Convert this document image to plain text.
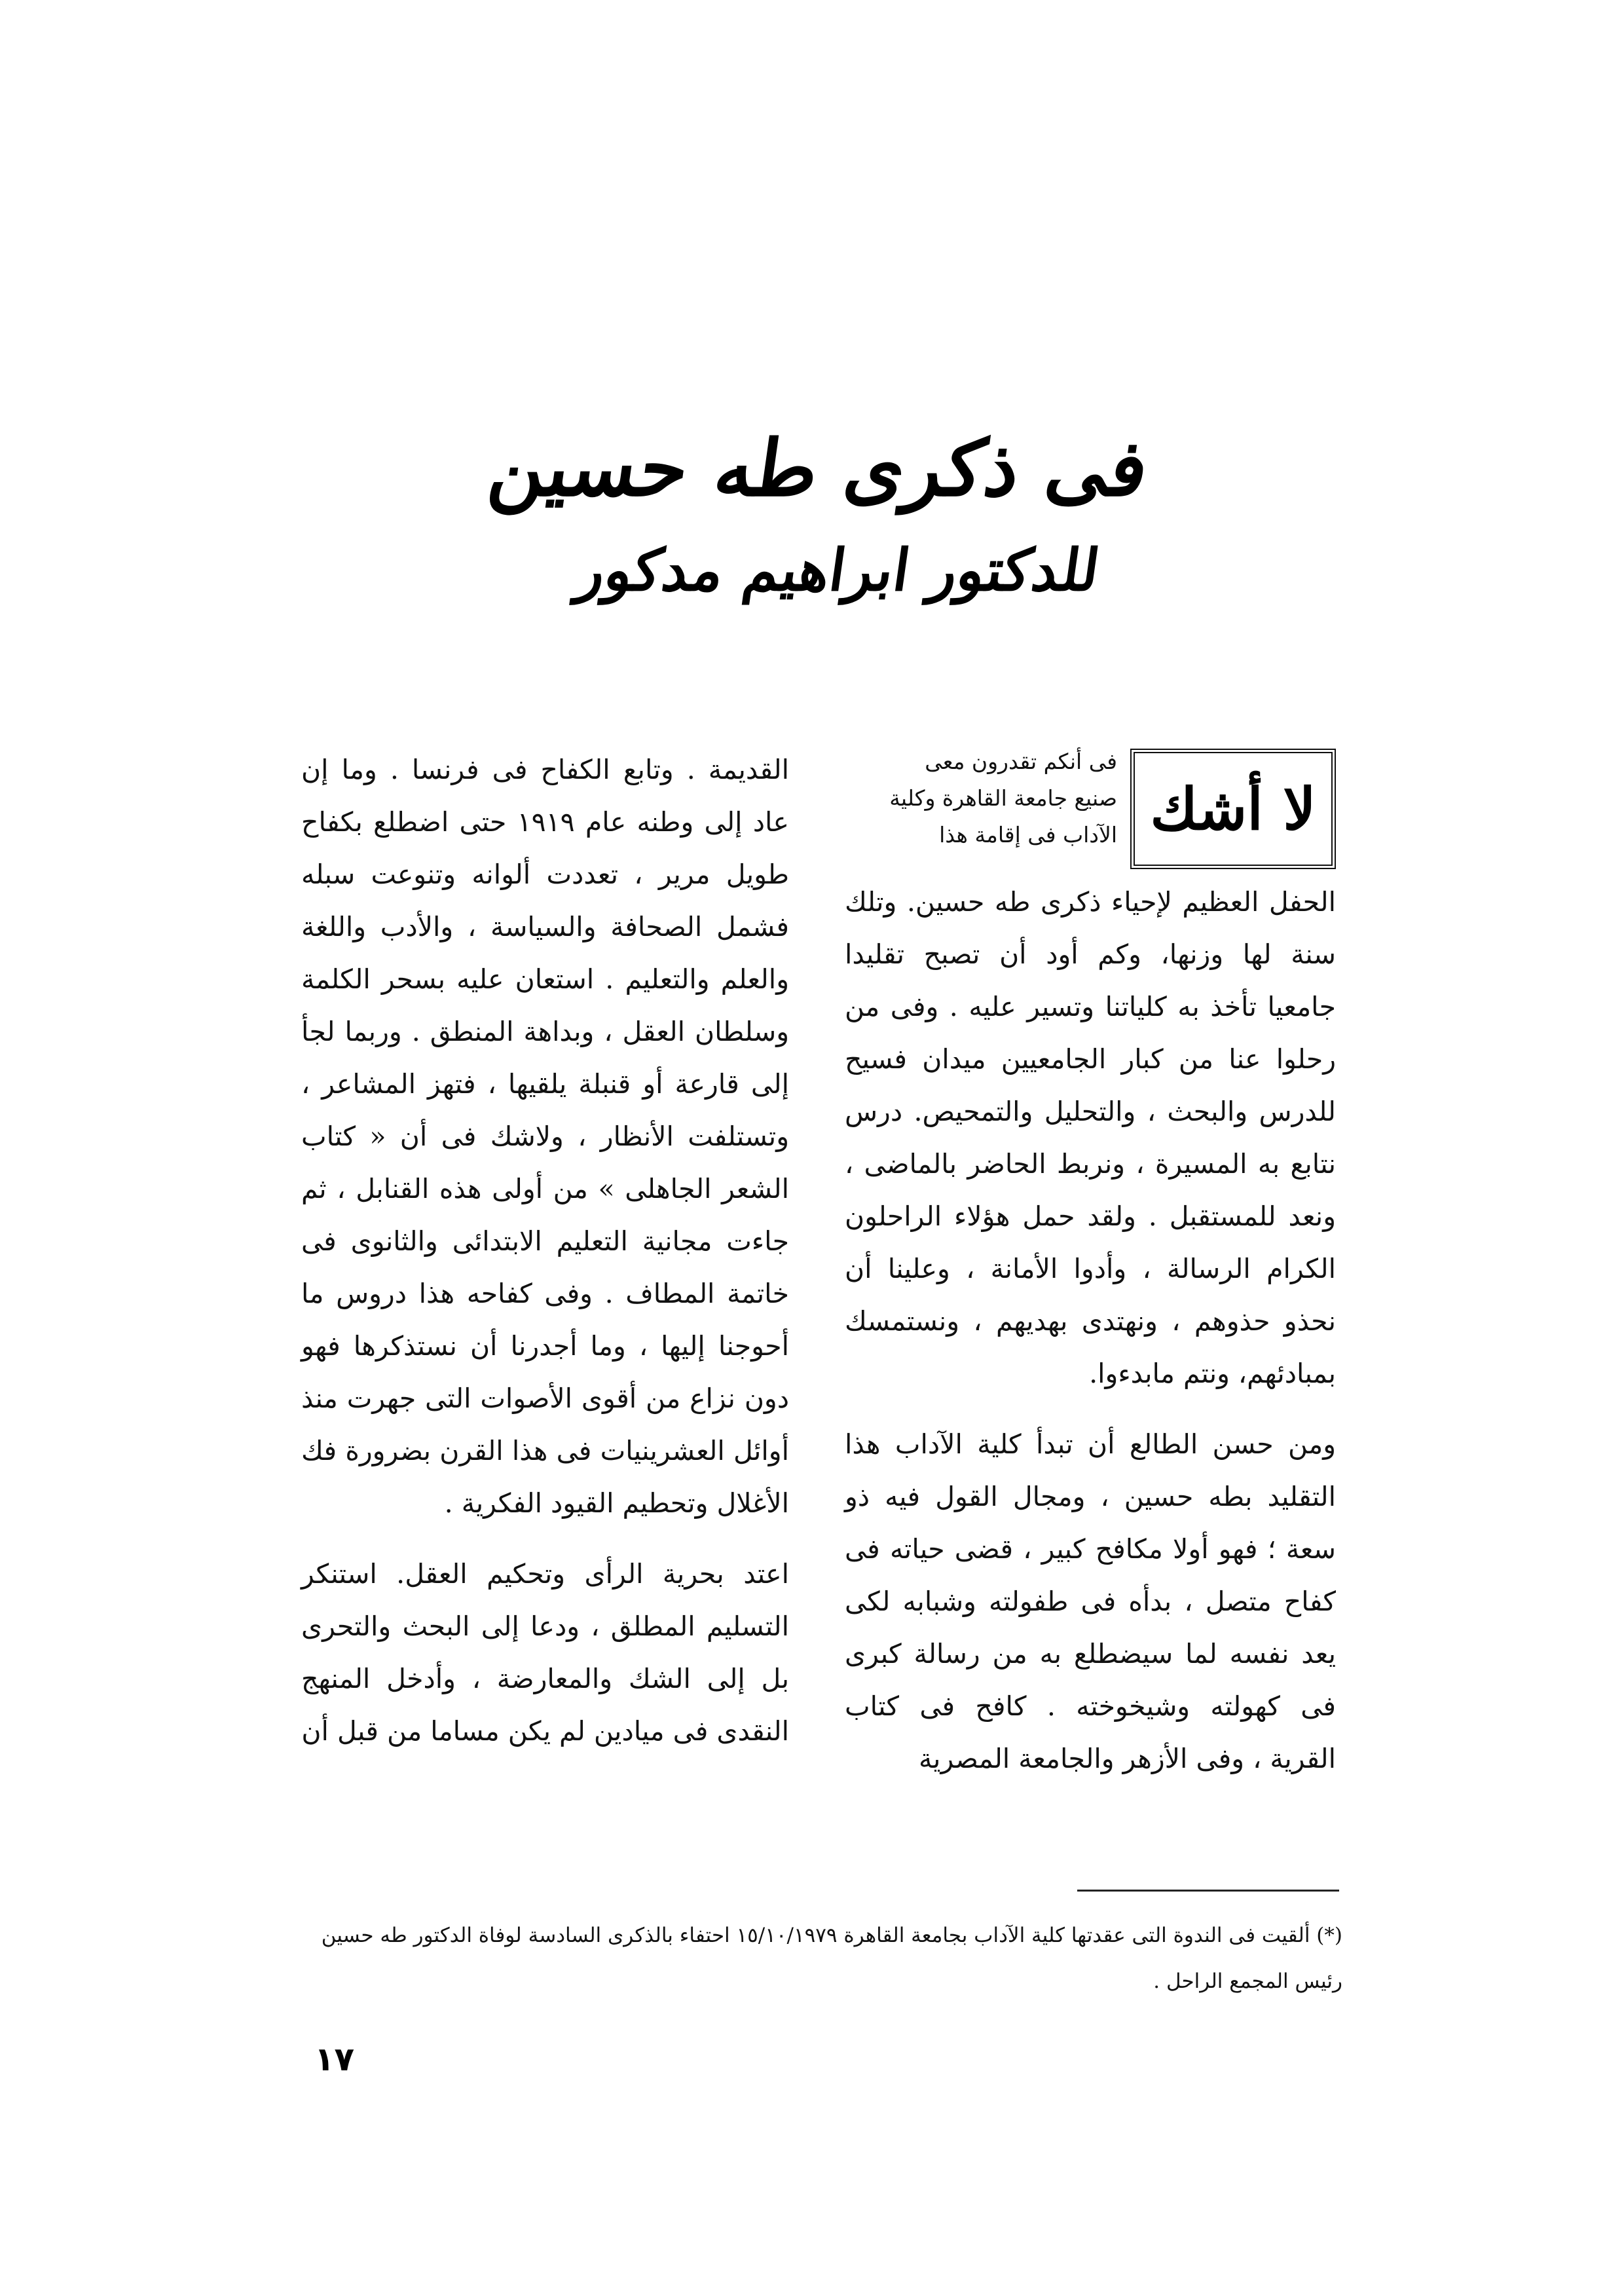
فى ذكرى طه حسين
للدكتور ابراهيم مدكور
لا أشك
فى أنكم تقدرون معى
صنيع جامعة القاهرة وكلية
الآداب فى إقامة هذا

الحفل العظيم لإحياء ذكرى طه حسين. وتلك سنة لها وزنها، وكم أود أن تصبح تقليدا جامعيا تأخذ به كلياتنا وتسير عليه . وفى من رحلوا عنا من كبار الجامعيين ميدان فسيح للدرس والبحث ، والتحليل والتمحيص. درس نتابع به المسيرة ، ونربط الحاضر بالماضى ، ونعد للمستقبل . ولقد حمل هؤلاء الراحلون الكرام الرسالة ، وأدوا الأمانة ، وعلينا أن نحذو حذوهم ، ونهتدى بهديهم ، ونستمسك بمبادئهم، ونتم مابدءوا.

ومن حسن الطالع أن تبدأ كلية الآداب هذا التقليد بطه حسين ، ومجال القول فيه ذو سعة ؛ فهو أولا مكافح كبير ، قضى حياته فى كفاح متصل ، بدأه فى طفولته وشبابه لكى يعد نفسه لما سيضطلع به من رسالة كبرى فى كهولته وشيخوخته . كافح فى كتاب القرية ، وفى الأزهر والجامعة المصرية

القديمة . وتابع الكفاح فى فرنسا . وما إن عاد إلى وطنه عام ١٩١٩ حتى اضطلع بكفاح طويل مرير ، تعددت ألوانه وتنوعت سبله فشمل الصحافة والسياسة ، والأدب واللغة والعلم والتعليم . استعان عليه بسحر الكلمة وسلطان العقل ، وبداهة المنطق . وربما لجأ إلى قارعة أو قنبلة يلقيها ، فتهز المشاعر ، وتستلفت الأنظار ، ولاشك فى أن « كتاب الشعر الجاهلى » من أولى هذه القنابل ، ثم جاءت مجانية التعليم الابتدائى والثانوى فى خاتمة المطاف . وفى كفاحه هذا دروس ما أحوجنا إليها ، وما أجدرنا أن نستذكرها فهو دون نزاع من أقوى الأصوات التى جهرت منذ أوائل العشرينيات فى هذا القرن بضرورة فك الأغلال وتحطيم القيود الفكرية .

اعتد بحرية الرأى وتحكيم العقل. استنكر التسليم المطلق ، ودعا إلى البحث والتحرى بل إلى الشك والمعارضة ، وأدخل المنهج النقدى فى ميادين لم يكن مساما من قبل أن

(*) ألقيت فى الندوة التى عقدتها كلية الآداب بجامعة القاهرة ١٥/١٠/١٩٧٩ احتفاء بالذكرى السادسة لوفاة الدكتور طه حسين رئيس المجمع الراحل .
١٧
